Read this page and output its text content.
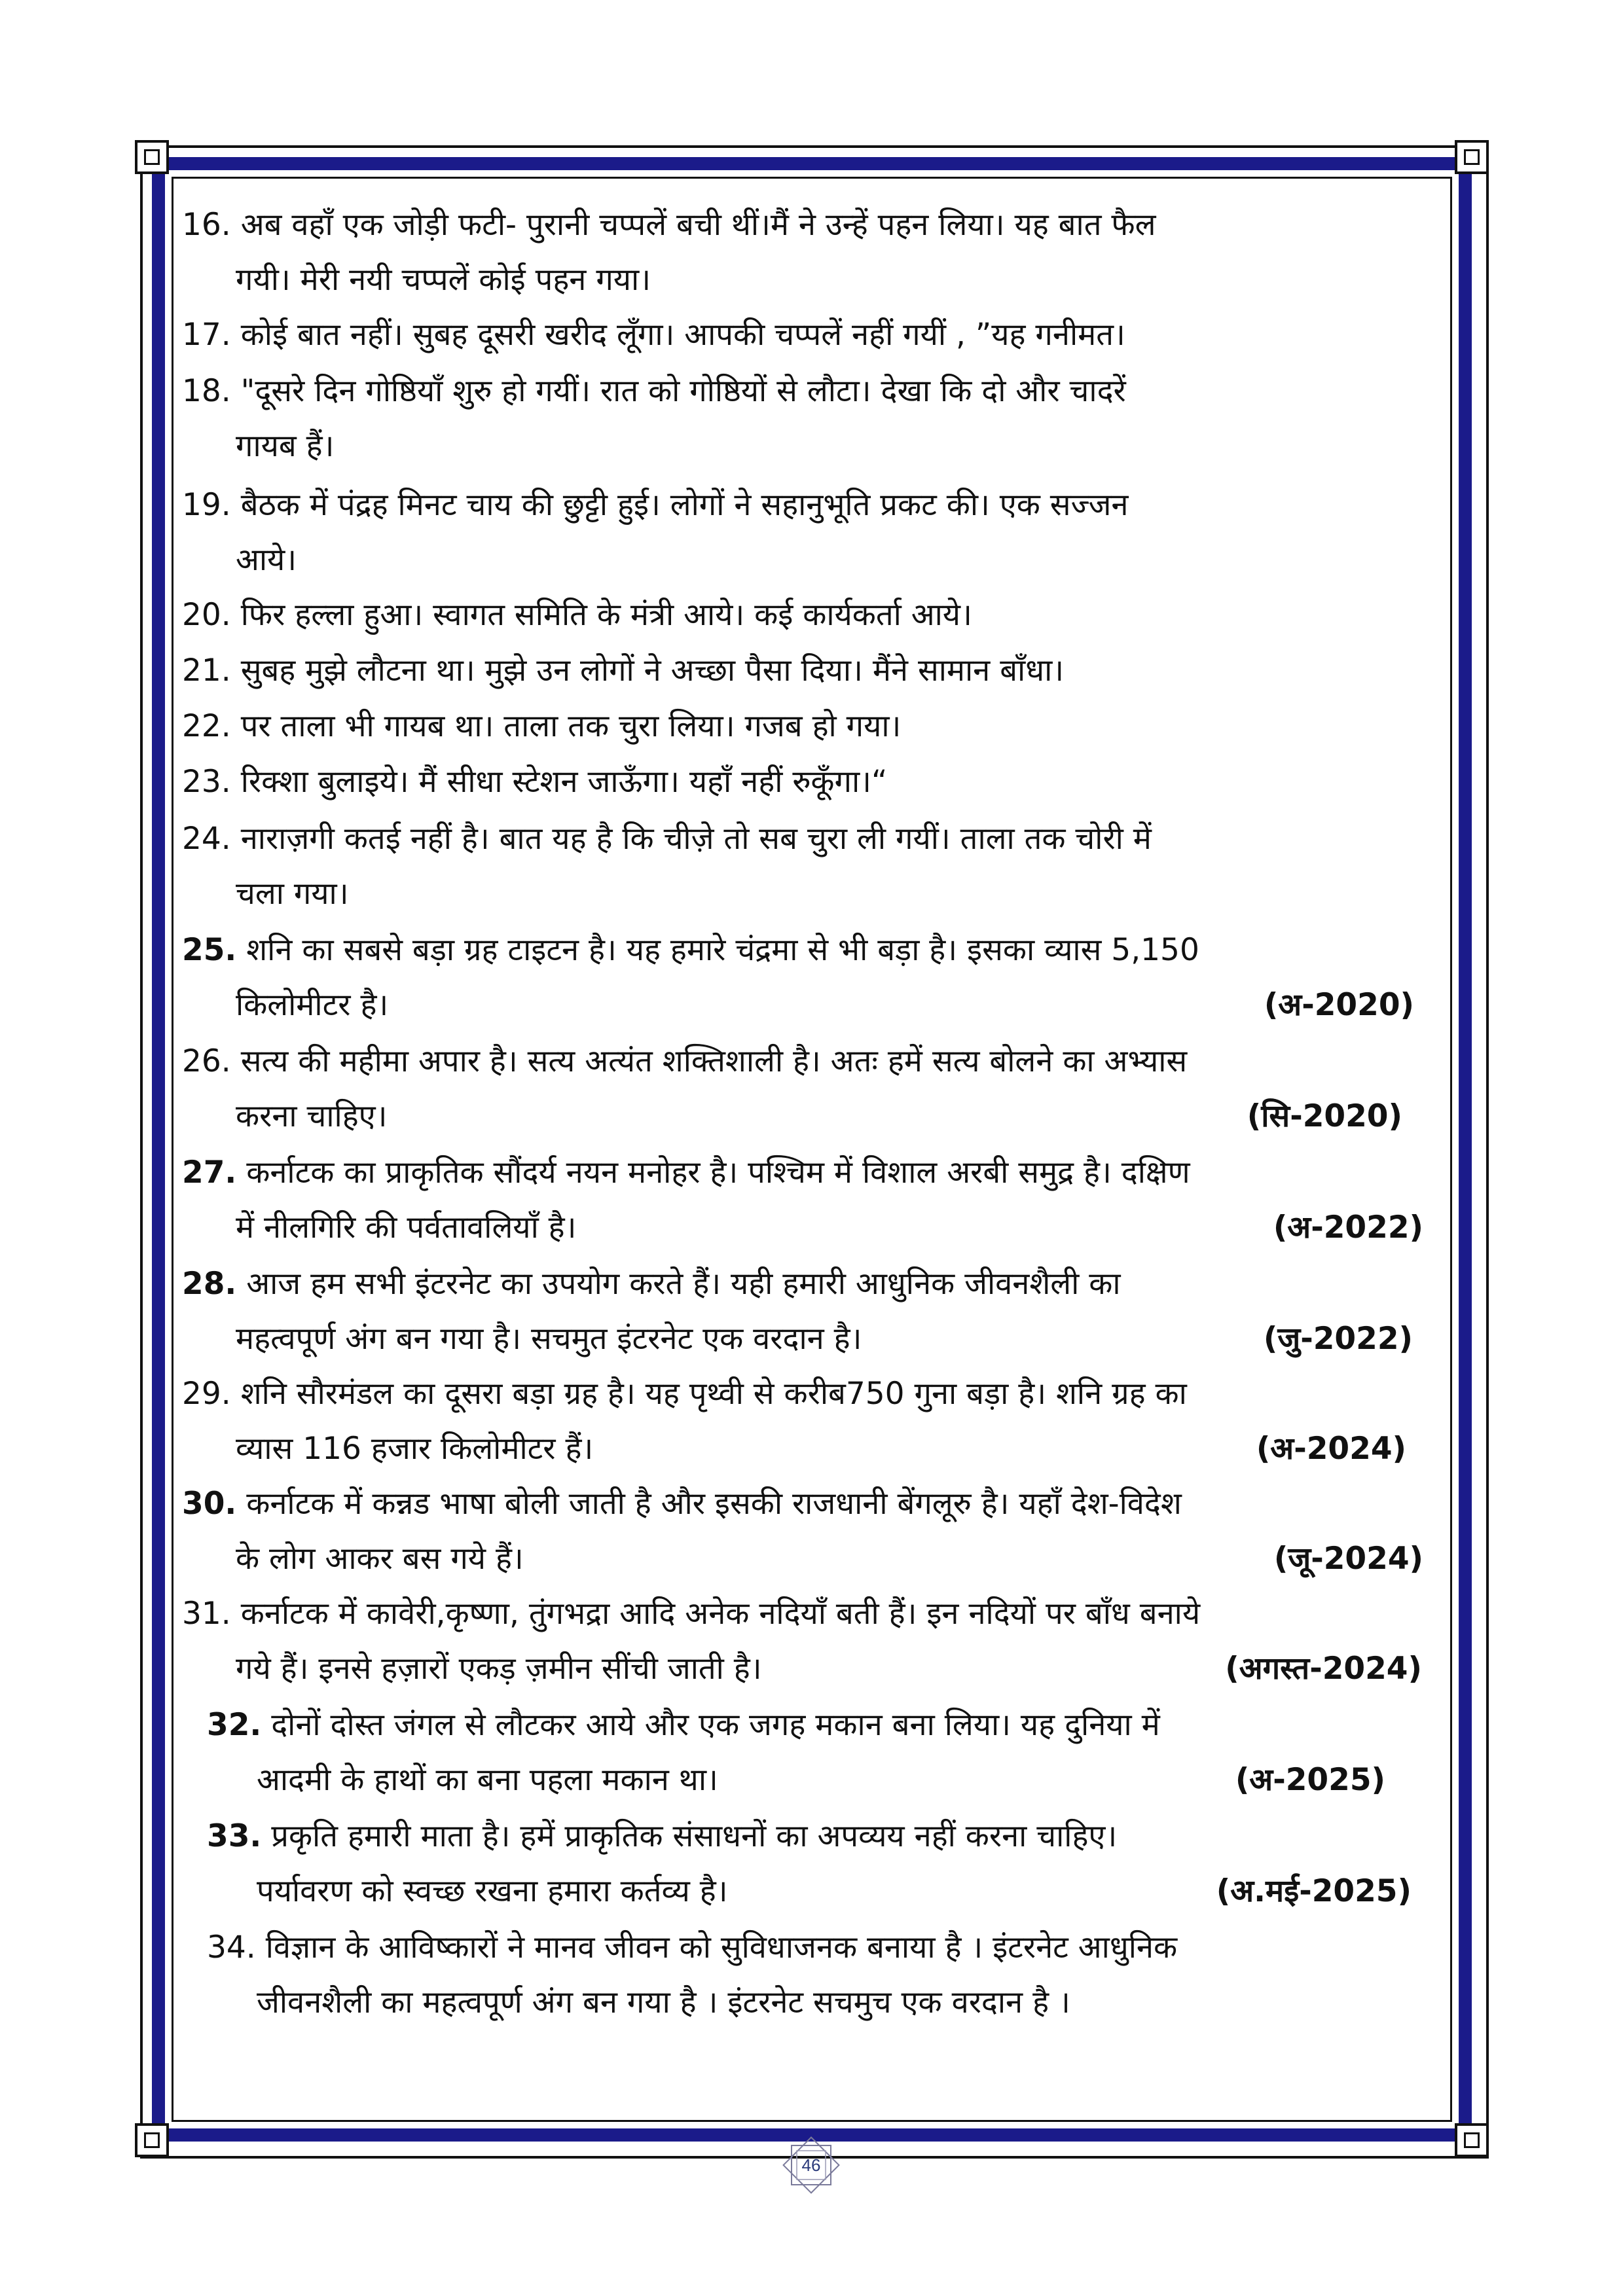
16. अब वहाँ एक जोड़ी फटी- पुरानी चप्पलें बची थीं।मैं ने उन्हें पहन लिया। यह बात फैल
गयी। मेरी नयी चप्पलें कोई पहन गया।
17. कोई बात नहीं। सुबह दूसरी खरीद लूँगा। आपकी चप्पलें नहीं गयीं , ”यह गनीमत।
18. "दूसरे दिन गोष्ठियाँ शुरु हो गयीं। रात को गोष्ठियों से लौटा। देखा कि दो और चादरें
गायब हैं।
19. बैठक में पंद्रह मिनट चाय की छुट्टी हुई। लोगों ने सहानुभूति प्रकट की। एक सज्जन
आये।
20. फिर हल्ला हुआ। स्वागत समिति के मंत्री आये। कई कार्यकर्ता आये।
21. सुबह मुझे लौटना था। मुझे उन लोगों ने अच्छा पैसा दिया। मैंने सामान बाँधा।
22. पर ताला भी गायब था। ताला तक चुरा लिया। गजब हो गया।
23. रिक्शा बुलाइये। मैं सीधा स्टेशन जाऊँगा। यहाँ नहीं रुकूँगा।“
24. नाराज़गी कतई नहीं है। बात यह है कि चीज़े तो सब चुरा ली गयीं। ताला तक चोरी में
चला गया।
25. शनि का सबसे बड़ा ग्रह टाइटन है। यह हमारे चंद्रमा से भी बड़ा है। इसका व्यास 5,150
किलोमीटर है।	(अ-2020)
26. सत्य की महीमा अपार है। सत्य अत्यंत शक्तिशाली है। अतः हमें सत्य बोलने का अभ्यास
करना चाहिए।	(सि-2020)
27. कर्नाटक का प्राकृतिक सौंदर्य नयन मनोहर है। पश्चिम में विशाल अरबी समुद्र है। दक्षिण
में नीलगिरि की पर्वतावलियाँ है।	(अ-2022)
28. आज हम सभी इंटरनेट का उपयोग करते हैं। यही हमारी आधुनिक जीवनशैली का
महत्वपूर्ण अंग बन गया है। सचमुत इंटरनेट एक वरदान है।	(जु-2022)
29. शनि सौरमंडल का दूसरा बड़ा ग्रह है। यह पृथ्वी से करीब750 गुना बड़ा है। शनि ग्रह का
व्यास 116 हजार किलोमीटर हैं।	(अ-2024)
30. कर्नाटक में कन्नड भाषा बोली जाती है और इसकी राजधानी बेंगलूरु है। यहाँ देश-विदेश
के लोग आकर बस गये हैं।	(जू-2024)
31. कर्नाटक में कावेरी,कृष्णा, तुंगभद्रा आदि अनेक नदियाँ बती हैं। इन नदियों पर बाँध बनाये
गये हैं। इनसे हज़ारों एकड़ ज़मीन सींची जाती है।	(अगस्त-2024)
32. दोनों दोस्त जंगल से लौटकर आये और एक जगह मकान बना लिया। यह दुनिया में
आदमी के हाथों का बना पहला मकान था।	(अ-2025)
33. प्रकृति हमारी माता है। हमें प्राकृतिक संसाधनों का अपव्यय नहीं करना चाहिए।
पर्यावरण को स्वच्छ रखना हमारा कर्तव्य है।	(अ.मई-2025)
34. विज्ञान के आविष्कारों ने मानव जीवन को सुविधाजनक बनाया है । इंटरनेट आधुनिक
जीवनशैली का महत्वपूर्ण अंग बन गया है । इंटरनेट सचमुच एक वरदान है ।
46
